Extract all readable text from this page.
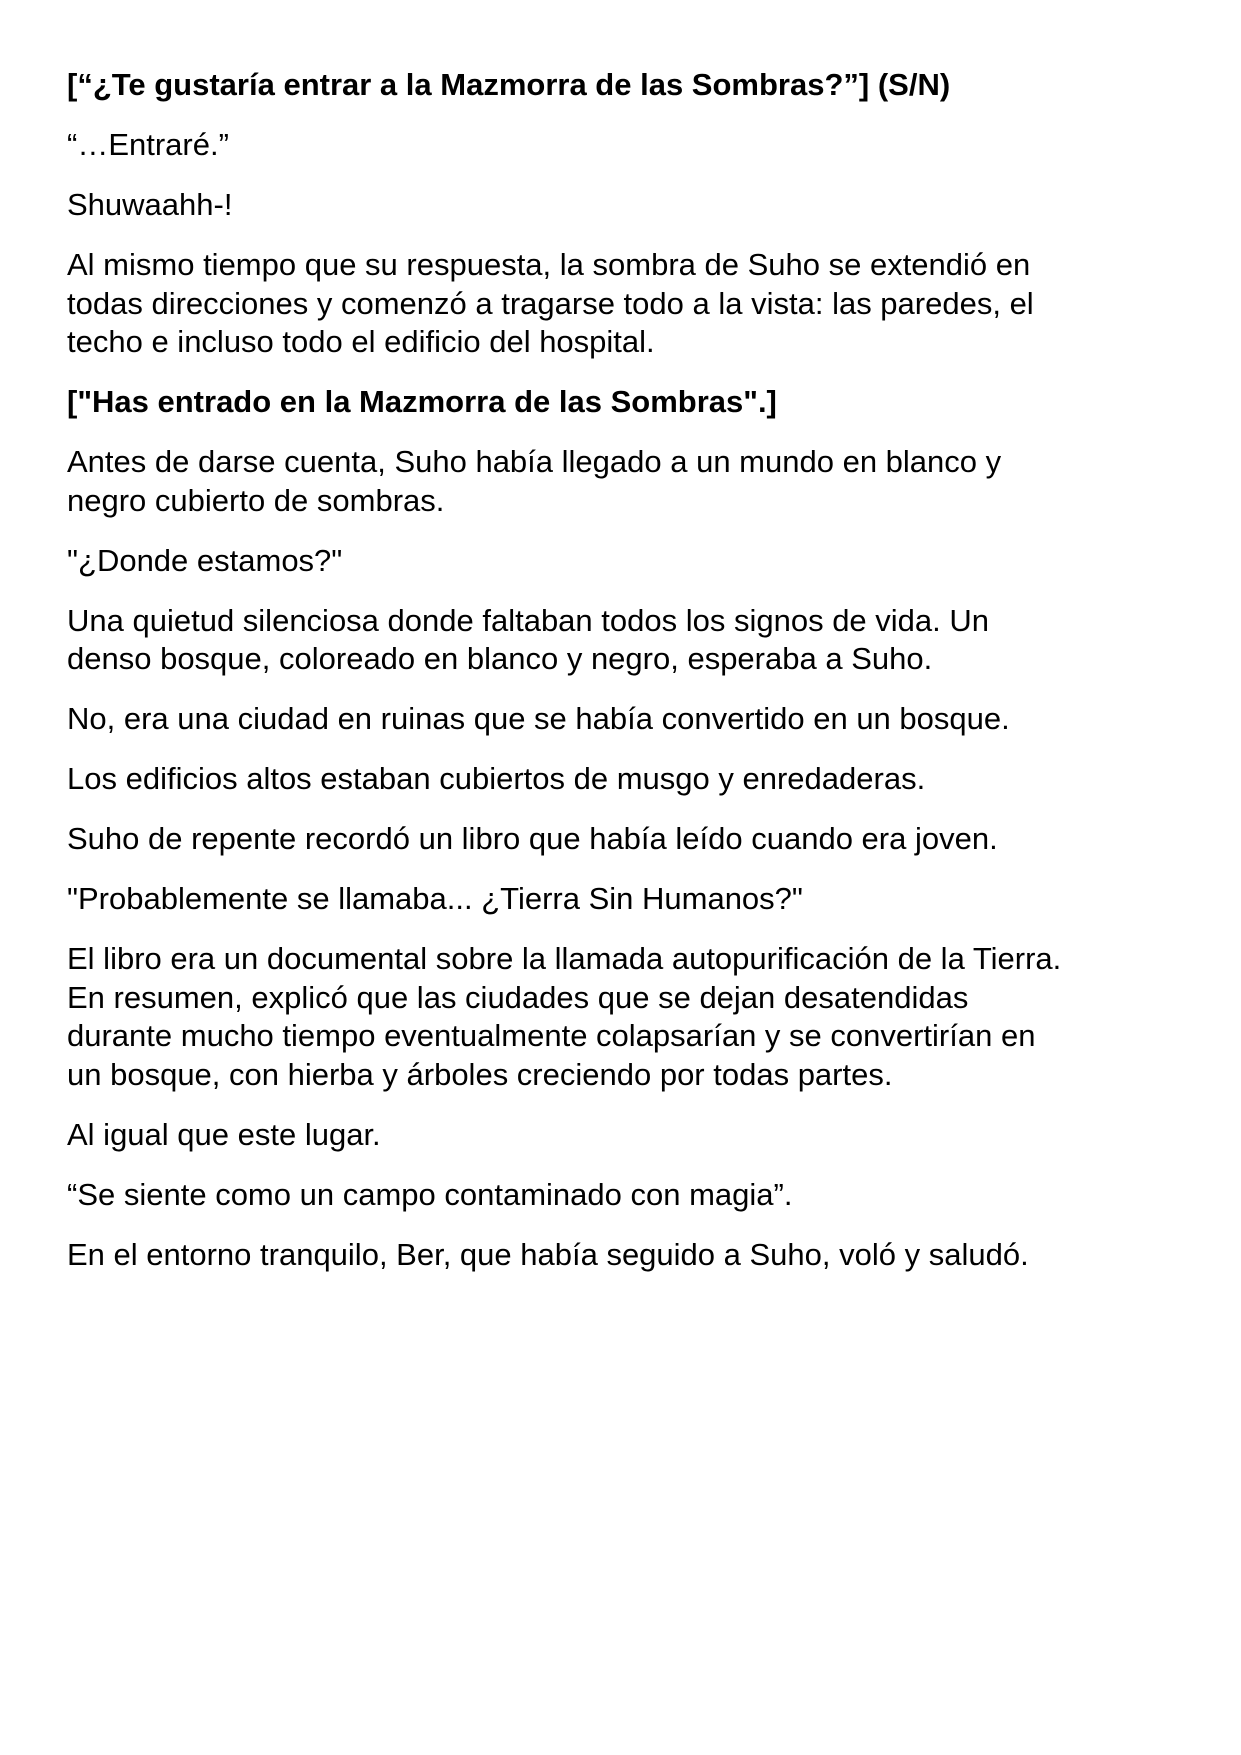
[“¿Te gustaría entrar a la Mazmorra de las Sombras?”] (S/N)

“…Entraré.”

Shuwaahh-!

Al mismo tiempo que su respuesta, la sombra de Suho se extendió en todas direcciones y comenzó a tragarse todo a la vista: las paredes, el techo e incluso todo el edificio del hospital.

["Has entrado en la Mazmorra de las Sombras".]

Antes de darse cuenta, Suho había llegado a un mundo en blanco y negro cubierto de sombras.

"¿Donde estamos?"

Una quietud silenciosa donde faltaban todos los signos de vida. Un denso bosque, coloreado en blanco y negro, esperaba a Suho.

No, era una ciudad en ruinas que se había convertido en un bosque.

Los edificios altos estaban cubiertos de musgo y enredaderas.

Suho de repente recordó un libro que había leído cuando era joven.

"Probablemente se llamaba... ¿Tierra Sin Humanos?"

El libro era un documental sobre la llamada autopurificación de la Tierra. En resumen, explicó que las ciudades que se dejan desatendidas durante mucho tiempo eventualmente colapsarían y se convertirían en un bosque, con hierba y árboles creciendo por todas partes.

Al igual que este lugar.

“Se siente como un campo contaminado con magia”.

En el entorno tranquilo, Ber, que había seguido a Suho, voló y saludó.
